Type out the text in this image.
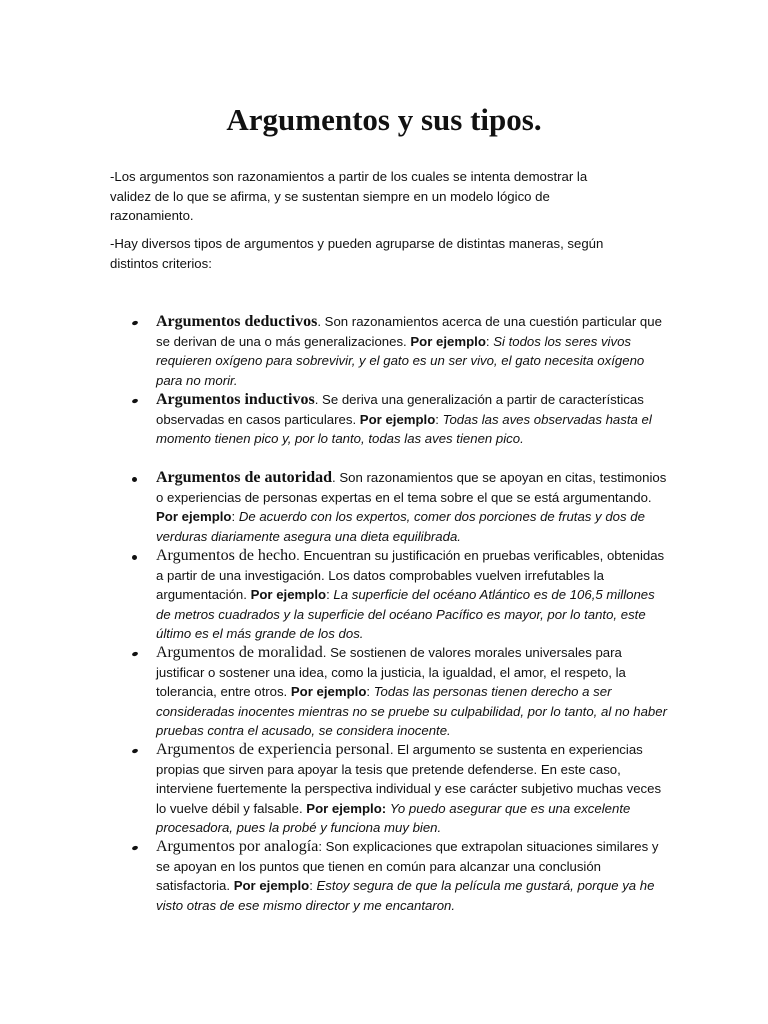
Argumentos y sus tipos.

-Los argumentos son razonamientos a partir de los cuales se intenta demostrar la validez de lo que se afirma, y se sustentan siempre en un modelo lógico de razonamiento.

-Hay diversos tipos de argumentos y pueden agruparse de distintas maneras, según distintos criterios:

Argumentos deductivos. Son razonamientos acerca de una cuestión particular que se derivan de una o más generalizaciones. Por ejemplo: Si todos los seres vivos requieren oxígeno para sobrevivir, y el gato es un ser vivo, el gato necesita oxígeno para no morir.
Argumentos inductivos. Se deriva una generalización a partir de características observadas en casos particulares. Por ejemplo: Todas las aves observadas hasta el momento tienen pico y, por lo tanto, todas las aves tienen pico.
Argumentos de autoridad. Son razonamientos que se apoyan en citas, testimonios o experiencias de personas expertas en el tema sobre el que se está argumentando. Por ejemplo: De acuerdo con los expertos, comer dos porciones de frutas y dos de verduras diariamente asegura una dieta equilibrada.
Argumentos de hecho. Encuentran su justificación en pruebas verificables, obtenidas a partir de una investigación. Los datos comprobables vuelven irrefutables la argumentación. Por ejemplo: La superficie del océano Atlántico es de 106,5 millones de metros cuadrados y la superficie del océano Pacífico es mayor, por lo tanto, este último es el más grande de los dos.
Argumentos de moralidad. Se sostienen de valores morales universales para justificar o sostener una idea, como la justicia, la igualdad, el amor, el respeto, la tolerancia, entre otros. Por ejemplo: Todas las personas tienen derecho a ser consideradas inocentes mientras no se pruebe su culpabilidad, por lo tanto, al no haber pruebas contra el acusado, se considera inocente.
Argumentos de experiencia personal. El argumento se sustenta en experiencias propias que sirven para apoyar la tesis que pretende defenderse. En este caso, interviene fuertemente la perspectiva individual y ese carácter subjetivo muchas veces lo vuelve débil y falsable. Por ejemplo: Yo puedo asegurar que es una excelente procesadora, pues la probé y funciona muy bien.
Argumentos por analogía: Son explicaciones que extrapolan situaciones similares y se apoyan en los puntos que tienen en común para alcanzar una conclusión satisfactoria. Por ejemplo: Estoy segura de que la película me gustará, porque ya he visto otras de ese mismo director y me encantaron.
